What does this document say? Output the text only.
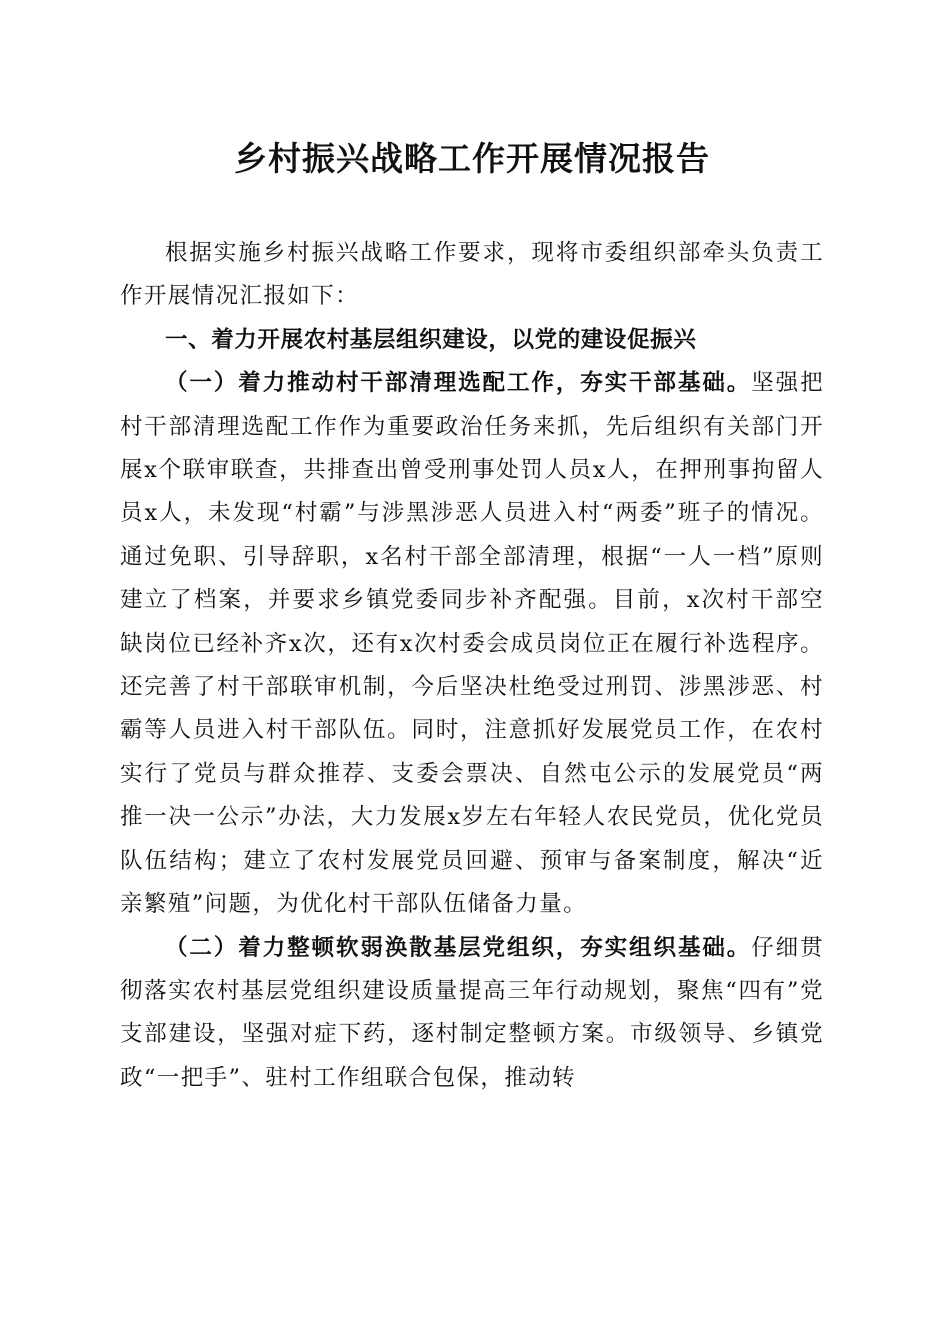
乡村振兴战略工作开展情况报告

根据实施乡村振兴战略工作要求，现将市委组织部牵头负责工作开展情况汇报如下：

一、着力开展农村基层组织建设，以党的建设促振兴

（一）着力推动村干部清理选配工作，夯实干部基础。坚强把村干部清理选配工作作为重要政治任务来抓，先后组织有关部门开展x个联审联查，共排查出曾受刑事处罚人员x人，在押刑事拘留人员x人，未发现“村霸”与涉黑涉恶人员进入村“两委”班子的情况。通过免职、引导辞职，x名村干部全部清理，根据“一人一档”原则建立了档案，并要求乡镇党委同步补齐配强。目前，x次村干部空缺岗位已经补齐x次，还有x次村委会成员岗位正在履行补选程序。还完善了村干部联审机制，今后坚决杜绝受过刑罚、涉黑涉恶、村霸等人员进入村干部队伍。同时，注意抓好发展党员工作，在农村实行了党员与群众推荐、支委会票决、自然屯公示的发展党员“两推一决一公示”办法，大力发展x岁左右年轻人农民党员，优化党员队伍结构；建立了农村发展党员回避、预审与备案制度，解决“近亲繁殖”问题，为优化村干部队伍储备力量。

（二）着力整顿软弱涣散基层党组织，夯实组织基础。仔细贯彻落实农村基层党组织建设质量提高三年行动规划，聚焦“四有”党支部建设，坚强对症下药，逐村制定整顿方案。市级领导、乡镇党政“一把手”、驻村工作组联合包保，推动转
